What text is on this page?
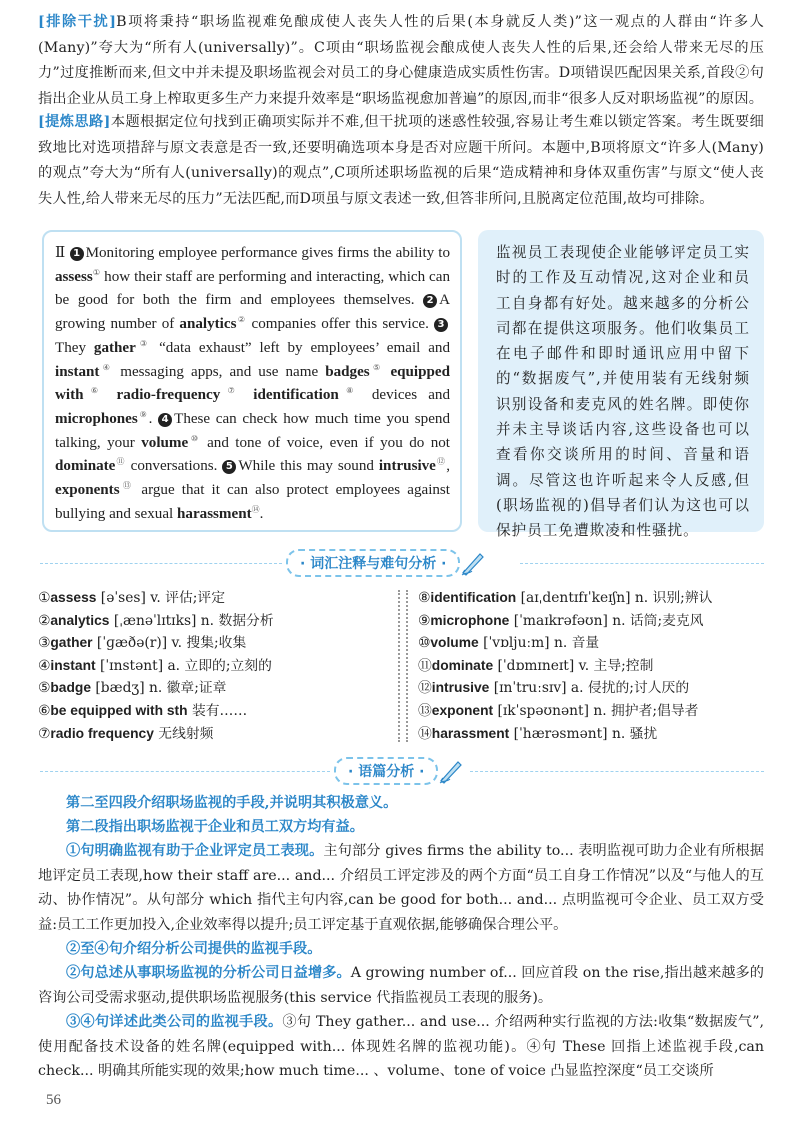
[排除干扰]B项将秉持“职场监视难免酿成使人丧失人性的后果(本身就反人类)”这一观点的人群由“许多人(Many)”夸大为“所有人(universally)”。C项由“职场监视会酿成使人丧失人性的后果,还会给人带来无尽的压力”过度推断而来,但文中并未提及职场监视会对员工的身心健康造成实质性伤害。D项错误匹配因果关系,首段②句指出企业从员工身上榨取更多生产力来提升效率是“职场监视愈加普遍”的原因,而非“很多人反对职场监视”的原因。

[提炼思路]本题根据定位句找到正确项实际并不难,但干扰项的迷惑性较强,容易让考生难以锁定答案。考生既要细致地比对选项措辞与原文表意是否一致,还要明确选项本身是否对应题干所问。本题中,B项将原文“许多人(Many)的观点”夸大为“所有人(universally)的观点”,C项所述职场监视的后果“造成精神和身体双重伤害”与原文“使人丧失人性,给人带来无尽的压力”无法匹配,而D项虽与原文表述一致,但答非所问,且脱离定位范围,故均可排除。

Ⅱ 1 Monitoring employee performance gives firms the ability to assess① how their staff are performing and interacting, which can be good for both the firm and employees themselves. 2 A growing number of analytics② companies offer this service. 3They gather③ “data exhaust” left by employees’ email and instant④ messaging apps, and use name badges⑤ equipped with⑥ radio-frequency⑦ identification⑧ devices and microphones⑨. 4 These can check how much time you spend talking, your volume⑩ and tone of voice, even if you do not dominate⑪ conversations. 5 While this may sound intrusive⑫, exponents⑬ argue that it can also protect employees against bullying and sexual harassment⑭.
监视员工表现使企业能够评定员工实时的工作及互动情况,这对企业和员工自身都有好处。越来越多的分析公司都在提供这项服务。他们收集员工在电子邮件和即时通讯应用中留下的“数据废气”,并使用装有无线射频识别设备和麦克风的姓名牌。即使你并未主导谈话内容,这些设备也可以查看你交谈所用的时间、音量和语调。尽管这也许听起来令人反感,但(职场监视的)倡导者们认为这也可以保护员工免遭欺凌和性骚扰。
· 词汇注释与难句分析 ·
①assess [əˈses] v. 评估;评定
②analytics [ˌænəˈlɪtɪks] n. 数据分析
③gather [ˈɡæðə(r)] v. 搜集;收集
④instant [ˈɪnstənt] a. 立即的;立刻的
⑤badge [bædʒ] n. 徽章;证章
⑥be equipped with sth 装有……
⑦radio frequency 无线射频
⑧identification [aɪˌdentɪfɪˈkeɪʃn] n. 识别;辨认
⑨microphone [ˈmaɪkrəfəʊn] n. 话筒;麦克风
⑩volume [ˈvɒljuːm] n. 音量
⑪dominate [ˈdɒmɪneɪt] v. 主导;控制
⑫intrusive [ɪnˈtruːsɪv] a. 侵扰的;讨人厌的
⑬exponent [ɪkˈspəʊnənt] n. 拥护者;倡导者
⑭harassment [ˈhærəsmənt] n. 骚扰
· 语篇分析 ·

第二至四段介绍职场监视的手段,并说明其积极意义。

第二段指出职场监视于企业和员工双方均有益。

①句明确监视有助于企业评定员工表现。主句部分 gives firms the ability to... 表明监视可助力企业有所根据地评定员工表现,how their staff are... and... 介绍员工评定涉及的两个方面“员工自身工作情况”以及“与他人的互动、协作情况”。从句部分 which 指代主句内容,can be good for both... and... 点明监视可令企业、员工双方受益:员工工作更加投入,企业效率得以提升;员工评定基于直观依据,能够确保合理公平。

②至④句介绍分析公司提供的监视手段。

②句总述从事职场监视的分析公司日益增多。A growing number of... 回应首段 on the rise,指出越来越多的咨询公司受需求驱动,提供职场监视服务(this service 代指监视员工表现的服务)。

③④句详述此类公司的监视手段。③句 They gather... and use... 介绍两种实行监视的方法:收集“数据废气”,使用配备技术设备的姓名牌(equipped with... 体现姓名牌的监视功能)。④句 These 回指上述监视手段,can check... 明确其所能实现的效果;how much time... 、volume、tone of voice 凸显监控深度“员工交谈所

56
